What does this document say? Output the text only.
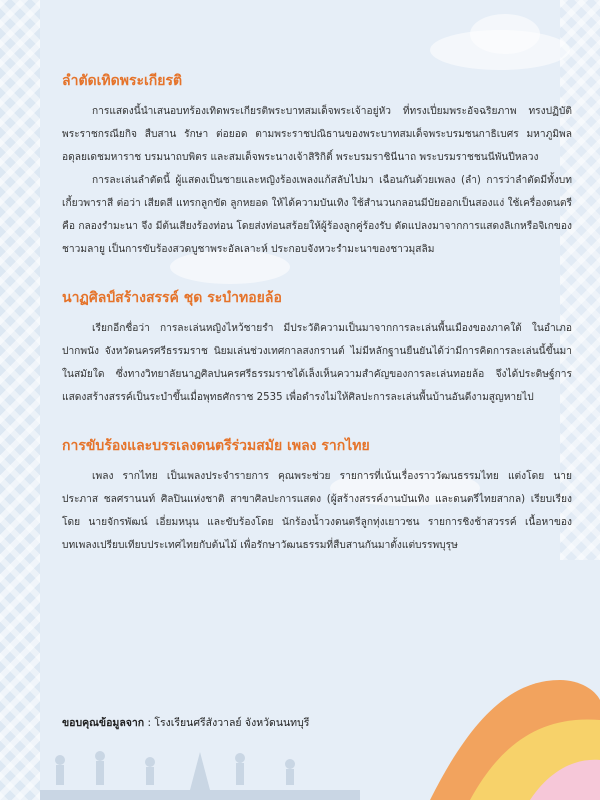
ลำตัดเทิดพระเกียรติ

การแสดงนี้นำเสนอบทร้องเทิดพระเกียรติพระบาทสมเด็จพระเจ้าอยู่หัว ที่ทรงเปี่ยมพระอัจฉริยภาพ ทรงปฏิบัติพระราชกรณียกิจ สืบสาน รักษา ต่อยอด ตามพระราชปณิธานของพระบาทสมเด็จพระบรมชนกาธิเบศร มหาภูมิพลอดุลยเดชมหาราช บรมนาถบพิตร และสมเด็จพระนางเจ้าสิริกิติ์ พระบรมราชินีนาถ พระบรมราชชนนีพันปีหลวง

การละเล่นลำตัดนี้ ผู้แสดงเป็นชายและหญิงร้องเพลงแก้สลับไปมา เฉือนกันด้วยเพลง (ลำ) การว่าลำตัดมีทั้งบทเกี้ยวพาราสี ต่อว่า เสียดสี แทรกลูกขัด ลูกหยอด ให้ได้ความบันเทิง ใช้สำนวนกลอนมีบัยออกเป็นสองแง่ ใช้เครื่องดนตรี คือ กลองรำมะนา จึง มีต้นเสียงร้องท่อน โดยส่งท่อนสร้อยให้ผู้ร้องลูกคู่ร้องรับ ดัดแปลงมาจากการแสดงลิเกหรือจิเกของชาวมลายู เป็นการขับร้องสวดบูชาพระอัลเลาะห์ ประกอบจังหวะรำมะนาของชาวมุสลิม

นาฏศิลป์สร้างสรรค์ ชุด ระบำทอยล้อ

เรียกอีกชื่อว่า การละเล่นหญิงไหว้ชายรำ มีประวัติความเป็นมาจากการละเล่นพื้นเมืองของภาคใต้ ในอำเภอปากพนัง จังหวัดนครศรีธรรมราช นิยมเล่นช่วงเทศกาลสงกรานต์ ไม่มีหลักฐานยืนยันได้ว่ามีการคิดการละเล่นนี้ขึ้นมาในสมัยใด ซึ่งทางวิทยาลัยนาฏศิลปนครศรีธรรมราชได้เล็งเห็นความสำคัญของการละเล่นทอยล้อ จึงได้ประดิษฐ์การแสดงสร้างสรรค์เป็นระบำขึ้นเมื่อพุทธศักราช 2535 เพื่อดำรงไม่ให้ศิลปะการละเล่นพื้นบ้านอันดีงามสูญหายไป

การขับร้องและบรรเลงดนตรีร่วมสมัย เพลง รากไทย

เพลง รากไทย เป็นเพลงประจำรายการ คุณพระช่วย รายการที่เน้นเรื่องราววัฒนธรรมไทย แต่งโดย นายประภาส ชลศรานนท์ ศิลปินแห่งชาติ สาขาศิลปะการแสดง (ผู้สร้างสรรค์งานบันเทิง และดนตรีไทยสากล) เรียบเรียงโดย นายจักรพัฒน์ เอี่ยมหนุน และขับร้องโดย นักร้องน้ำวงดนตรีลูกทุ่งเยาวชน รายการชิงช้าสวรรค์ เนื้อหาของบทเพลงเปรียบเทียบประเทศไทยกับต้นไม้ เพื่อรักษาวัฒนธรรมที่สืบสานกันมาตั้งแต่บรรพบุรุษ

ขอบคุณข้อมูลจาก : โรงเรียนศรีสังวาลย์ จังหวัดนนทบุรี
